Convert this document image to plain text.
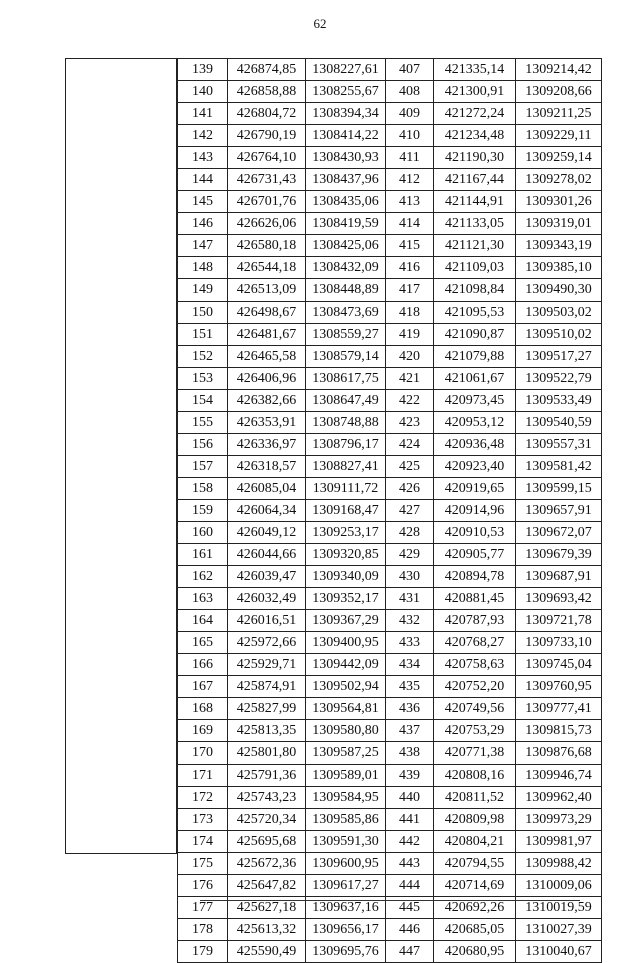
62
139	426874,85	1308227,61	407	421335,14	1309214,42
140	426858,88	1308255,67	408	421300,91	1309208,66
141	426804,72	1308394,34	409	421272,24	1309211,25
142	426790,19	1308414,22	410	421234,48	1309229,11
143	426764,10	1308430,93	411	421190,30	1309259,14
144	426731,43	1308437,96	412	421167,44	1309278,02
145	426701,76	1308435,06	413	421144,91	1309301,26
146	426626,06	1308419,59	414	421133,05	1309319,01
147	426580,18	1308425,06	415	421121,30	1309343,19
148	426544,18	1308432,09	416	421109,03	1309385,10
149	426513,09	1308448,89	417	421098,84	1309490,30
150	426498,67	1308473,69	418	421095,53	1309503,02
151	426481,67	1308559,27	419	421090,87	1309510,02
152	426465,58	1308579,14	420	421079,88	1309517,27
153	426406,96	1308617,75	421	421061,67	1309522,79
154	426382,66	1308647,49	422	420973,45	1309533,49
155	426353,91	1308748,88	423	420953,12	1309540,59
156	426336,97	1308796,17	424	420936,48	1309557,31
157	426318,57	1308827,41	425	420923,40	1309581,42
158	426085,04	1309111,72	426	420919,65	1309599,15
159	426064,34	1309168,47	427	420914,96	1309657,91
160	426049,12	1309253,17	428	420910,53	1309672,07
161	426044,66	1309320,85	429	420905,77	1309679,39
162	426039,47	1309340,09	430	420894,78	1309687,91
163	426032,49	1309352,17	431	420881,45	1309693,42
164	426016,51	1309367,29	432	420787,93	1309721,78
165	425972,66	1309400,95	433	420768,27	1309733,10
166	425929,71	1309442,09	434	420758,63	1309745,04
167	425874,91	1309502,94	435	420752,20	1309760,95
168	425827,99	1309564,81	436	420749,56	1309777,41
169	425813,35	1309580,80	437	420753,29	1309815,73
170	425801,80	1309587,25	438	420771,38	1309876,68
171	425791,36	1309589,01	439	420808,16	1309946,74
172	425743,23	1309584,95	440	420811,52	1309962,40
173	425720,34	1309585,86	441	420809,98	1309973,29
174	425695,68	1309591,30	442	420804,21	1309981,97
175	425672,36	1309600,95	443	420794,55	1309988,42
176	425647,82	1309617,27	444	420714,69	1310009,06
177	425627,18	1309637,16	445	420692,26	1310019,59
178	425613,32	1309656,17	446	420685,05	1310027,39
179	425590,49	1309695,76	447	420680,95	1310040,67
